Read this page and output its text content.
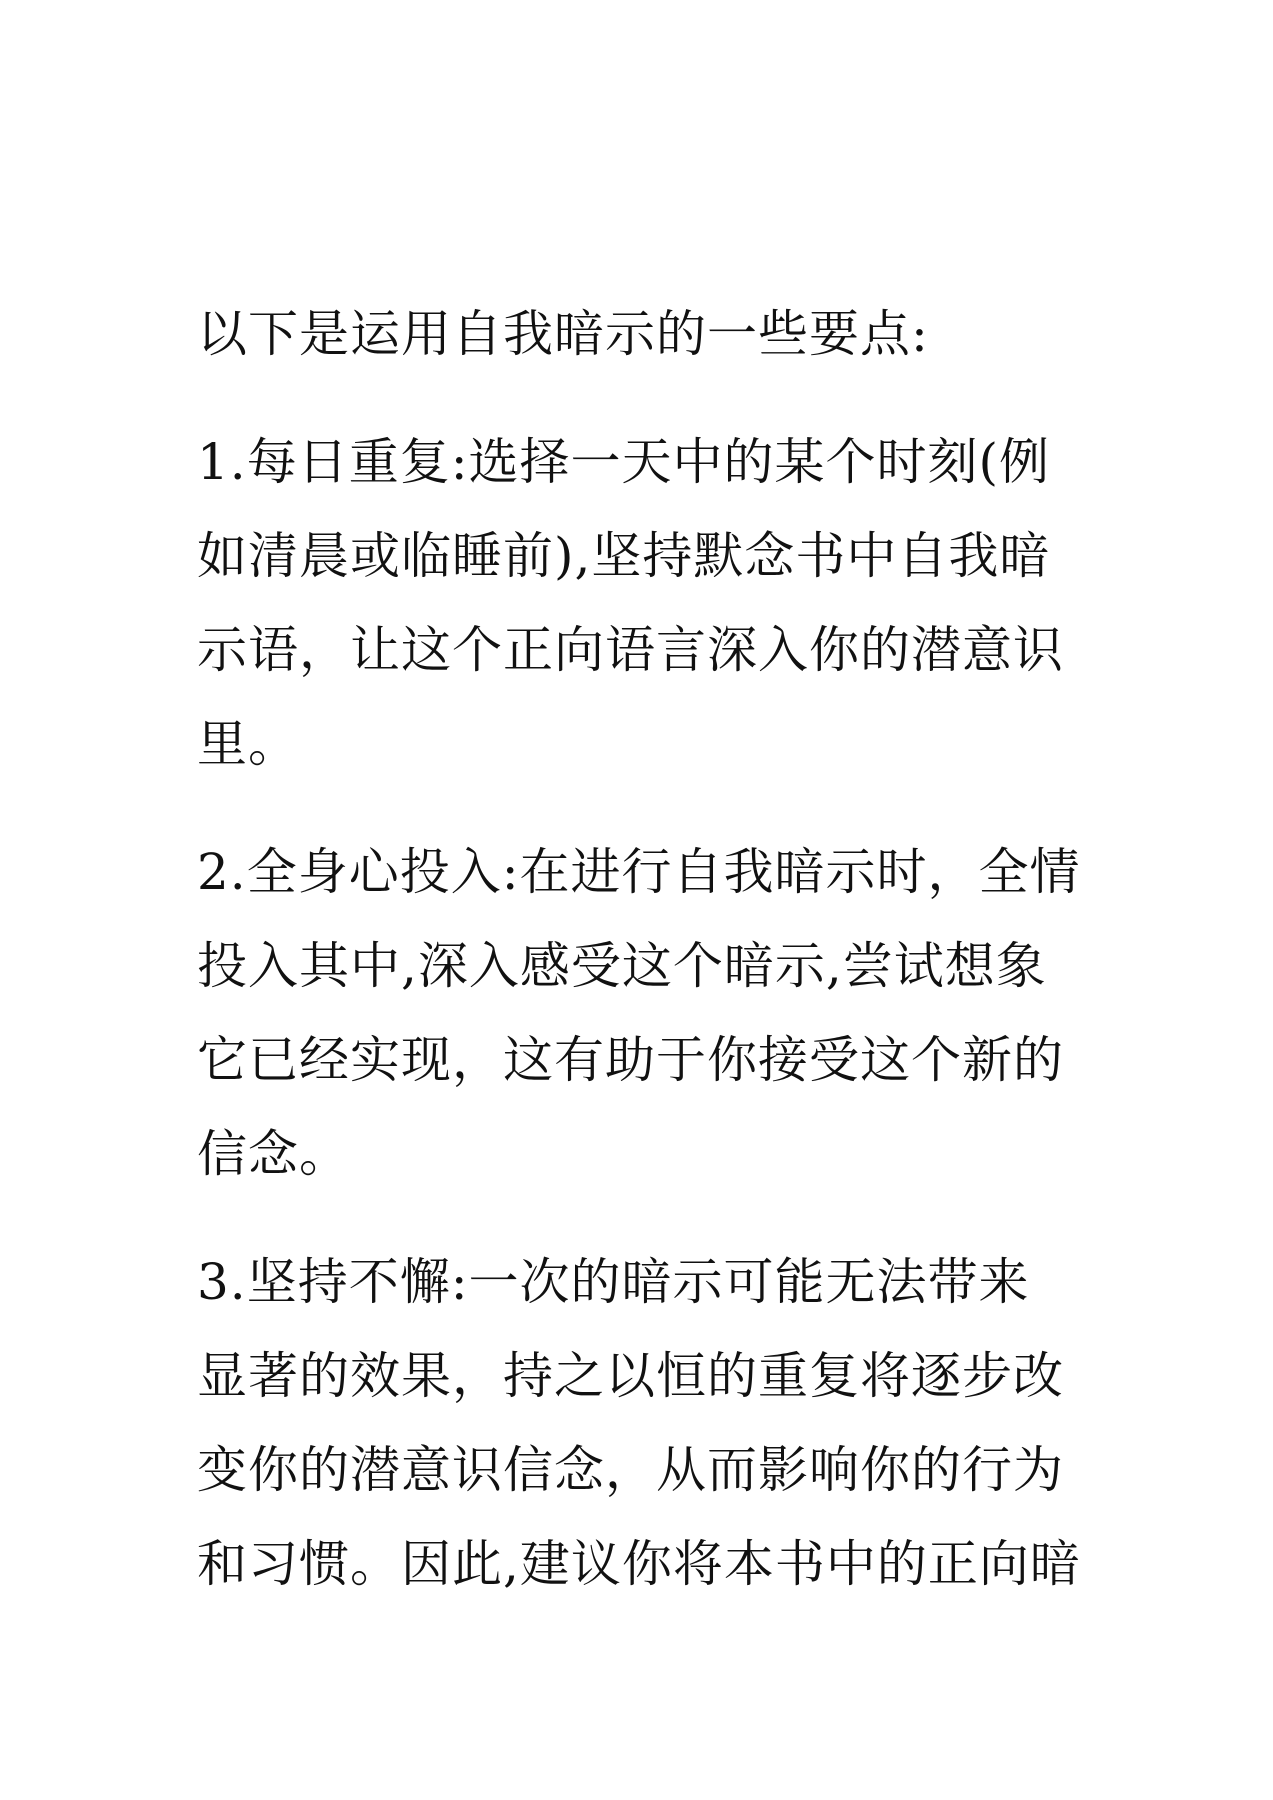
以下是运用自我暗示的一些要点:
1.每日重复:选择一天中的某个时刻(例
如清晨或临睡前),坚持默念书中自我暗
示语，让这个正向语言深入你的潜意识
里。
2.全身心投入:在进行自我暗示时，全情
投入其中,深入感受这个暗示,尝试想象
它已经实现，这有助于你接受这个新的
信念。
3.坚持不懈:一次的暗示可能无法带来
显著的效果，持之以恒的重复将逐步改
变你的潜意识信念，从而影响你的行为
和习惯。因此,建议你将本书中的正向暗
